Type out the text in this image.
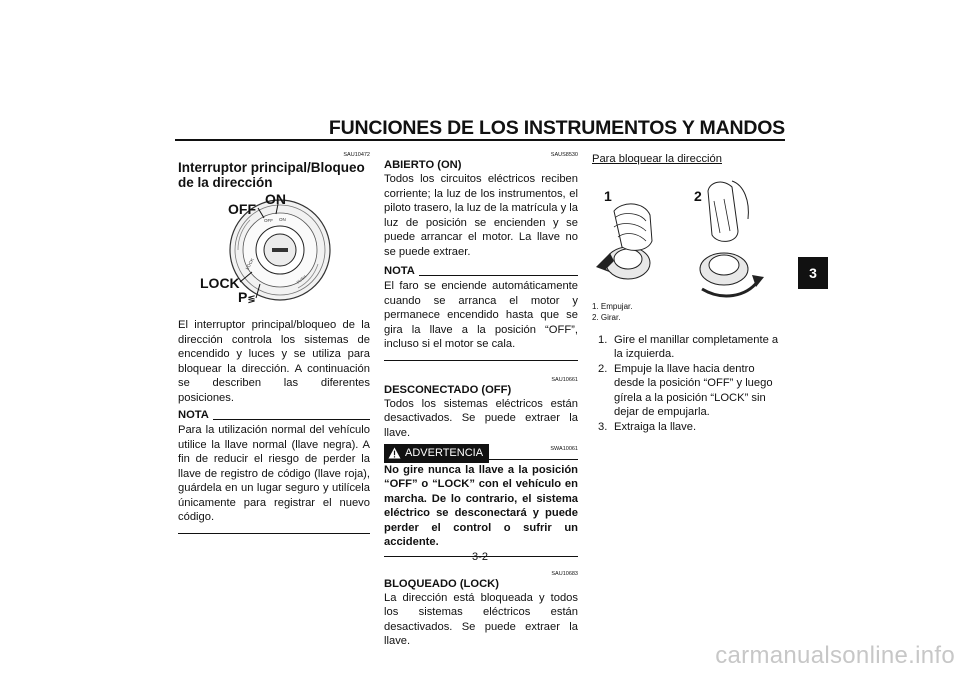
FUNCIONES DE LOS INSTRUMENTOS Y MANDOS
3
SAU10472
Interruptor principal/Bloqueo de la dirección
OFF ON
LOCK
PUSH
ON
OFF
LOCK
P≶

El interruptor principal/bloqueo de la dirección controla los sistemas de encendido y luces y se utiliza para bloquear la dirección. A continuación se describen las diferentes posiciones.

NOTA

Para la utilización normal del vehículo utilice la llave normal (llave negra). A fin de reducir el riesgo de perder la llave de registro de código (llave roja), guárdela en un lugar seguro y utilícela únicamente para registrar el nuevo código.

SAUS8530
ABIERTO (ON)

Todos los circuitos eléctricos reciben corriente; la luz de los instrumentos, el piloto trasero, la luz de la matrícula y la luz de posición se encienden y se puede arrancar el motor. La llave no se puede extraer.

NOTA

El faro se enciende automáticamente cuando se arranca el motor y permanece encendido hasta que se gira la llave a la posición “OFF”, incluso si el motor se cala.

SAU10661
DESCONECTADO (OFF)

Todos los sistemas eléctricos están desactivados. Se puede extraer la llave.

ADVERTENCIA	SWA10061

No gire nunca la llave a la posición “OFF” o “LOCK” con el vehículo en marcha. De lo contrario, el sistema eléctrico se desconectará y puede perder el control o sufrir un accidente.

SAU10683
BLOQUEADO (LOCK)

La dirección está bloqueada y todos los sistemas eléctricos están desactivados. Se puede extraer la llave.

Para bloquear la dirección
1	2
1. Empujar.
2. Girar.
1. Gire el manillar completamente a la izquierda.
2. Empuje la llave hacia dentro desde la posición “OFF” y luego gírela a la posición “LOCK” sin dejar de empujarla.
3. Extraiga la llave.
3-2
carmanualsonline.info
